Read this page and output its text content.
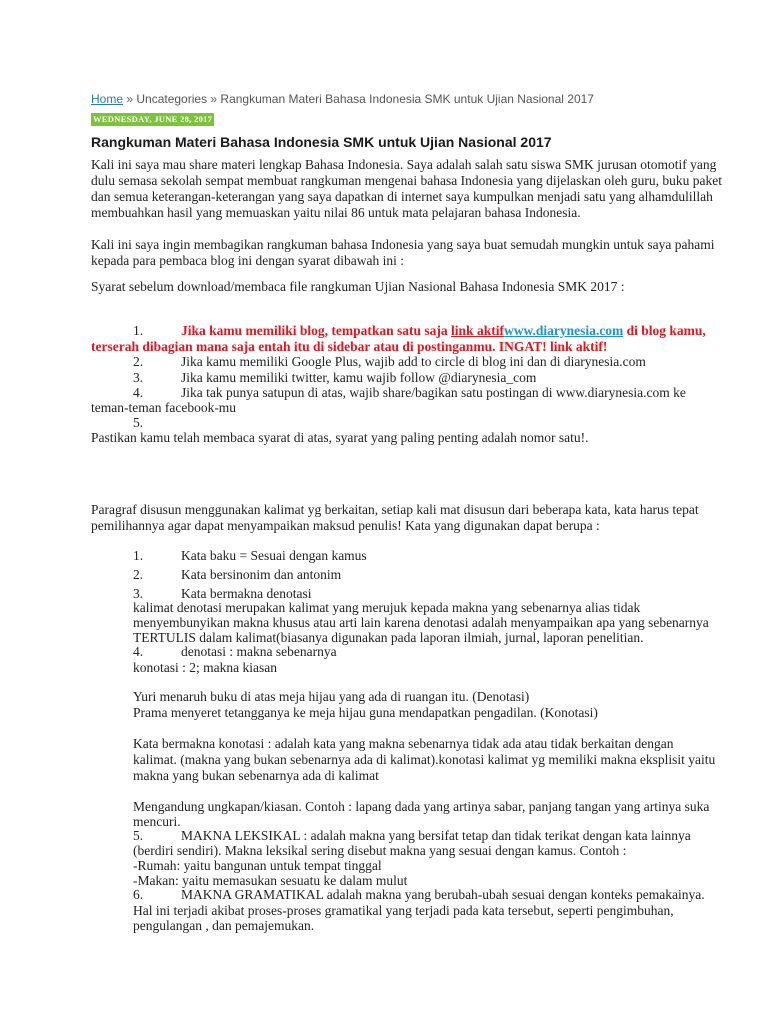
Home » Uncategories » Rangkuman Materi Bahasa Indonesia SMK untuk Ujian Nasional 2017
WEDNESDAY, JUNE 28, 2017
Rangkuman Materi Bahasa Indonesia SMK untuk Ujian Nasional 2017
Kali ini saya mau share materi lengkap Bahasa Indonesia. Saya adalah salah satu siswa SMK jurusan otomotif yang
dulu semasa sekolah sempat membuat rangkuman mengenai bahasa Indonesia yang dijelaskan oleh guru, buku paket
dan semua keterangan-keterangan yang saya dapatkan di internet saya kumpulkan menjadi satu yang alhamdulillah
membuahkan hasil yang memuaskan yaitu nilai 86 untuk mata pelajaran bahasa Indonesia.
Kali ini saya ingin membagikan rangkuman bahasa Indonesia yang saya buat semudah mungkin untuk saya pahami
kepada para pembaca blog ini dengan syarat dibawah ini :
Syarat sebelum download/membaca file rangkuman Ujian Nasional Bahasa Indonesia SMK 2017 :
1.	Jika kamu memiliki blog, tempatkan satu saja link aktifwww.diarynesia.com di blog kamu,
terserah dibagian mana saja entah itu di sidebar atau di postinganmu. INGAT! link aktif!
2.	Jika kamu memiliki Google Plus, wajib add to circle di blog ini dan di diarynesia.com
3.	Jika kamu memiliki twitter, kamu wajib follow @diarynesia_com
4.	Jika tak punya satupun di atas, wajib share/bagikan satu postingan di www.diarynesia.com ke
teman-teman facebook-mu
5.
Pastikan kamu telah membaca syarat di atas, syarat yang paling penting adalah nomor satu!.
Paragraf disusun menggunakan kalimat yg berkaitan, setiap kali mat disusun dari beberapa kata, kata harus tepat
pemilihannya agar dapat menyampaikan maksud penulis! Kata yang digunakan dapat berupa :
1.	Kata baku = Sesuai dengan kamus
2.	Kata bersinonim dan antonim
3.	Kata bermakna denotasi
kalimat denotasi merupakan kalimat yang merujuk kepada makna yang sebenarnya alias tidak
menyembunyikan makna khusus atau arti lain karena denotasi adalah menyampaikan apa yang sebenarnya
TERTULIS dalam kalimat(biasanya digunakan pada laporan ilmiah, jurnal, laporan penelitian.
4.	denotasi : makna sebenarnya
konotasi : 2; makna kiasan
Yuri menaruh buku di atas meja hijau yang ada di ruangan itu. (Denotasi)
Prama menyeret tetangganya ke meja hijau guna mendapatkan pengadilan. (Konotasi)
Kata bermakna konotasi : adalah kata yang makna sebenarnya tidak ada atau tidak berkaitan dengan
kalimat. (makna yang bukan sebenarnya ada di kalimat).konotasi kalimat yg memiliki makna eksplisit yaitu
makna yang bukan sebenarnya ada di kalimat
Mengandung ungkapan/kiasan. Contoh : lapang dada yang artinya sabar, panjang tangan yang artinya suka
mencuri.
5.	MAKNA LEKSIKAL : adalah makna yang bersifat tetap dan tidak terikat dengan kata lainnya
(berdiri sendiri). Makna leksikal sering disebut makna yang sesuai dengan kamus. Contoh :
-Rumah: yaitu bangunan untuk tempat tinggal
-Makan: yaitu memasukan sesuatu ke dalam mulut
6.	MAKNA GRAMATIKAL adalah makna yang berubah-ubah sesuai dengan konteks pemakainya.
Hal ini terjadi akibat proses-proses gramatikal yang terjadi pada kata tersebut, seperti pengimbuhan,
pengulangan , dan pemajemukan.
